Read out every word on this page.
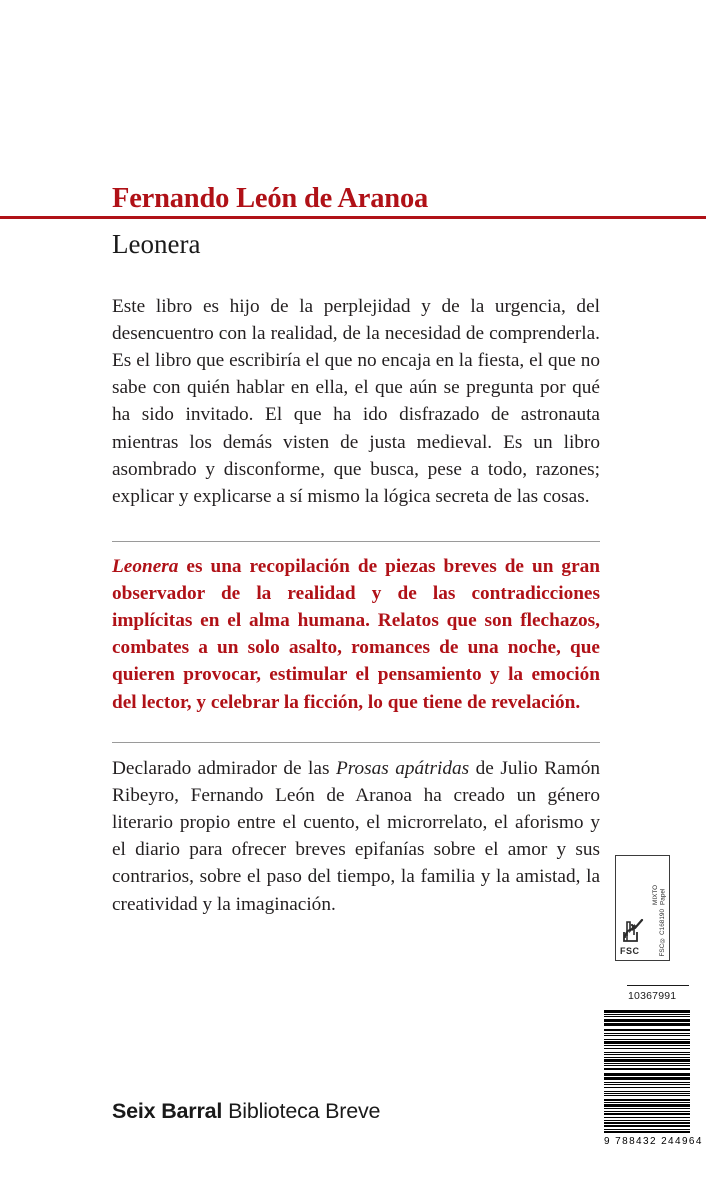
Fernando León de Aranoa
Leonera
Este libro es hijo de la perplejidad y de la urgencia, del desencuentro con la realidad, de la necesidad de comprenderla. Es el libro que escribiría el que no encaja en la fiesta, el que no sabe con quién hablar en ella, el que aún se pregunta por qué ha sido invitado. El que ha ido disfrazado de astronauta mientras los demás visten de justa medieval. Es un libro asombrado y disconforme, que busca, pese a todo, razones; explicar y explicarse a sí mismo la lógica secreta de las cosas.
Leonera es una recopilación de piezas breves de un gran observador de la realidad y de las contradicciones implícitas en el alma humana. Relatos que son flechazos, combates a un solo asalto, romances de una noche, que quieren provocar, estimular el pensamiento y la emoción del lector, y celebrar la ficción, lo que tiene de revelación.
Declarado admirador de las Prosas apátridas de Julio Ramón Ribeyro, Fernando León de Aranoa ha creado un género literario propio entre el cuento, el microrrelato, el aforismo y el diario para ofrecer breves epifanías sobre el amor y sus contrarios, sobre el paso del tiempo, la familia y la amistad, la creatividad y la imaginación.	MIXTO
Papel
FSC® C168190
FSC
10367991
9 788432 244964
Seix Barral Biblioteca Breve
